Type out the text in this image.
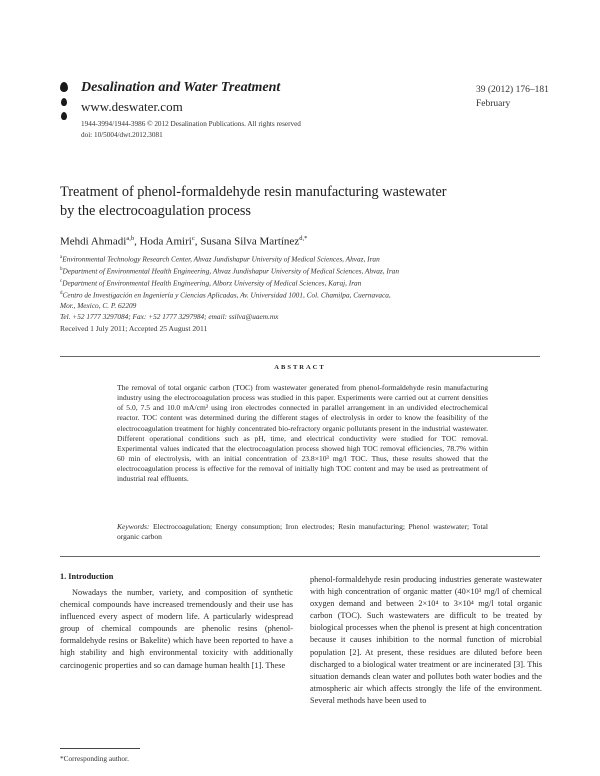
Desalination and Water Treatment
www.deswater.com
1944-3994/1944-3986 © 2012 Desalination Publications. All rights reserved
doi: 10/5004/dwt.2012.3081
39 (2012) 176–181
February
Treatment of phenol-formaldehyde resin manufacturing wastewater
by the electrocoagulation process
Mehdi Ahmadi$^{a,b}$, Hoda Amiri$^c$, Susana Silva Martínez$^{d,*}$
$^a$Environmental Technology Research Center, Ahvaz Jundishapur University of Medical Sciences, Ahvaz, Iran
$^b$Department of Environmental Health Engineering, Ahvaz Jundishapur University of Medical Sciences, Ahvaz, Iran
$^c$Department of Environmental Health Engineering, Alborz University of Medical Sciences, Karaj, Iran
$^d$Centro de Investigación en Ingeniería y Ciencias Aplicadas, Av. Universidad 1001, Col. Chamilpa, Cuernavaca,
Mor., Mexico, C. P. 62209
Tel. +52 1777 3297084; Fax: +52 1777 3297984; email: ssilva@uaem.mx
Received 1 July 2011; Accepted 25 August 2011
ABSTRACT

The removal of total organic carbon (TOC) from wastewater generated from phenol-formaldehyde resin manufacturing industry using the electrocoagulation process was studied in this paper. Experiments were carried out at current densities of 5.0, 7.5 and 10.0 mA/cm² using iron electrodes connected in parallel arrangement in an undivided electrochemical reactor. TOC content was determined during the different stages of electrolysis in order to know the feasibility of the electrocoagulation treatment for highly concentrated bio-refractory organic pollutants present in the industrial wastewater. Different operational conditions such as pH, time, and electrical conductivity were studied for TOC removal. Experimental values indicated that the electrocoagulation process showed high TOC removal efficiencies, 78.7% within 60 min of electrolysis, with an initial concentration of 23.8×10³ mg/l TOC. Thus, these results showed that the electrocoagulation process is effective for the removal of initially high TOC content and may be used as pretreatment of industrial real effluents.

Keywords: Electrocoagulation; Energy consumption; Iron electrodes; Resin manufacturing; Phenol wastewater; Total organic carbon
1. Introduction

Nowadays the number, variety, and composition of synthetic chemical compounds have increased tremendously and their use has influenced every aspect of modern life. A particularly widespread group of chemical compounds are phenolic resins (phenol-formaldehyde resins or Bakelite) which have been reported to have a high stability and high environmental toxicity with additionally carcinogenic properties and so can damage human health [1]. These

phenol-formaldehyde resin producing industries generate wastewater with high concentration of organic matter (40×10³ mg/l of chemical oxygen demand and between 2×10⁴ to 3×10⁴ mg/l total organic carbon (TOC). Such wastewaters are difficult to be treated by biological processes when the phenol is present at high concentration because it causes inhibition to the normal function of microbial population [2]. At present, these residues are diluted before been discharged to a biological water treatment or are incinerated [3]. This situation demands clean water and pollutes both water bodies and the atmospheric air which affects strongly the life of the environment. Several methods have been used to

*Corresponding author.
